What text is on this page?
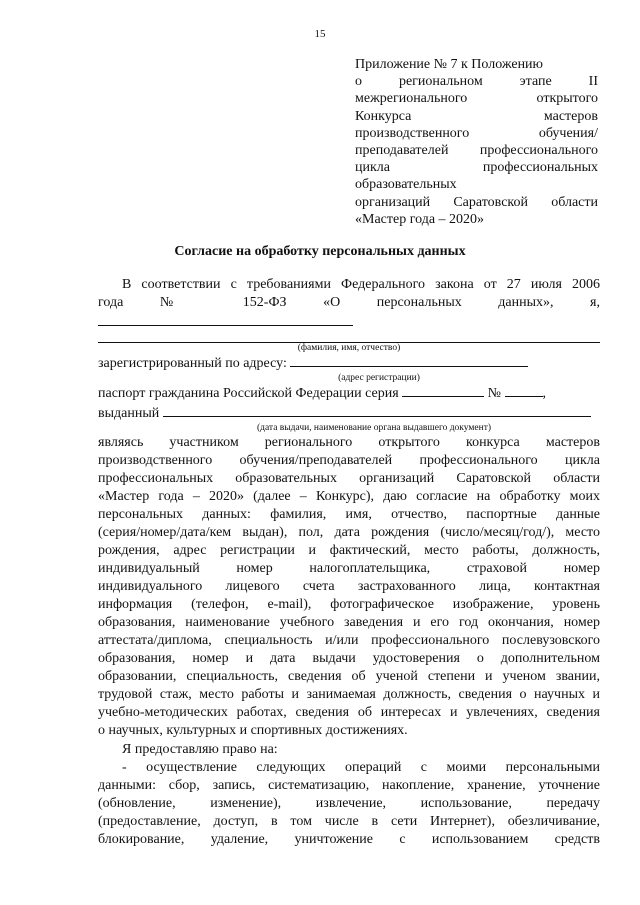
15
Приложение № 7 к Положению
о региональном этапе II
межрегионального открытого
Конкурса мастеров
производственного обучения/
преподавателей профессионального
цикла профессиональных
образовательных
организаций Саратовской области
«Мастер года – 2020»
Согласие на обработку персональных данных
В соответствии с требованиями Федерального закона от 27 июля 2006
года № 152-ФЗ «О персональных данных», я,
(фамилия, имя, отчество)
зарегистрированный по адресу:
(адрес регистрации)
паспорт гражданина Российской Федерации серия	№	,
выданный
(дата выдачи, наименование органа выдавшего документ)
являясь участником регионального открытого конкурса мастеров
производственного обучения/преподавателей профессионального цикла
профессиональных образовательных организаций Саратовской области
«Мастер года – 2020» (далее – Конкурс), даю согласие на обработку моих
персональных данных: фамилия, имя, отчество, паспортные данные
(серия/номер/дата/кем выдан), пол, дата рождения (число/месяц/год/), место
рождения, адрес регистрации и фактический, место работы, должность,
индивидуальный номер налогоплательщика, страховой номер
индивидуального лицевого счета застрахованного лица, контактная
информация (телефон, e-mail), фотографическое изображение, уровень
образования, наименование учебного заведения и его год окончания, номер
аттестата/диплома, специальность и/или профессионального послевузовского
образования, номер и дата выдачи удостоверения о дополнительном
образовании, специальность, сведения об ученой степени и ученом звании,
трудовой стаж, место работы и занимаемая должность, сведения о научных и
учебно-методических работах, сведения об интересах и увлечениях, сведения
о научных, культурных и спортивных достижениях.
Я предоставляю право на:
- осуществление следующих операций с моими персональными
данными: сбор, запись, систематизацию, накопление, хранение, уточнение
(обновление, изменение), извлечение, использование, передачу
(предоставление, доступ, в том числе в сети Интернет), обезличивание,
блокирование, удаление, уничтожение с использованием средств
